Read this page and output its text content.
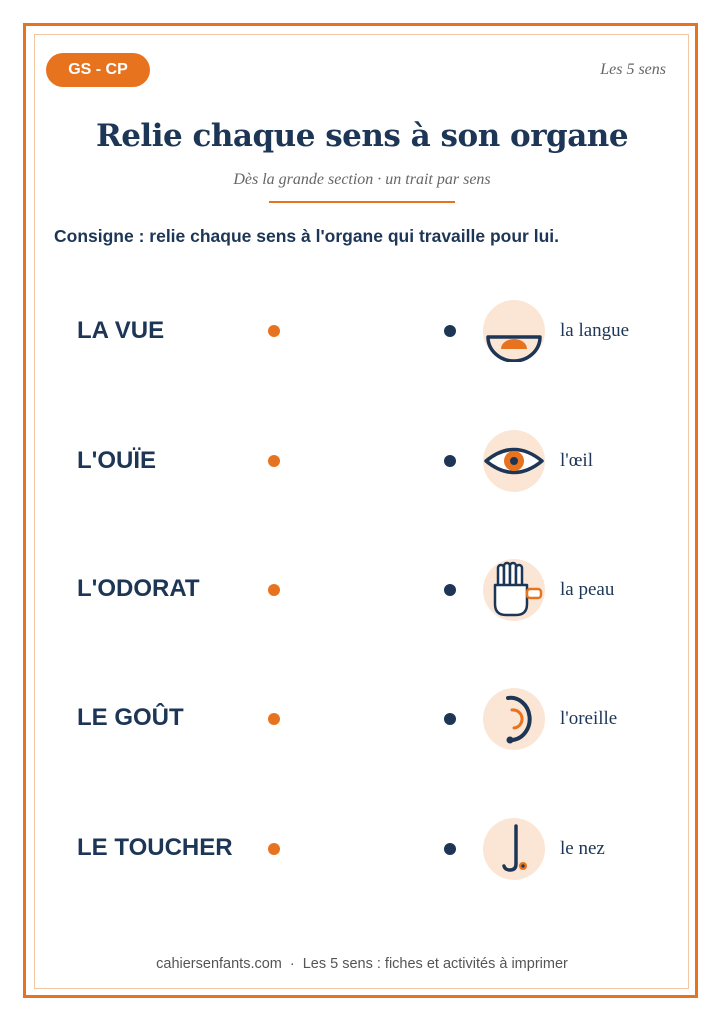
GS - CP	Les 5 sens
Relie chaque sens à son organe
Dès la grande section · un trait par sens
Consigne : relie chaque sens à l'organe qui travaille pour lui.
LA VUE	la langue
L'OUÏE	l'œil
L'ODORAT	la peau
LE GOÛT	l'oreille
LE TOUCHER	le nez
cahiersenfants.com · Les 5 sens : fiches et activités à imprimer
